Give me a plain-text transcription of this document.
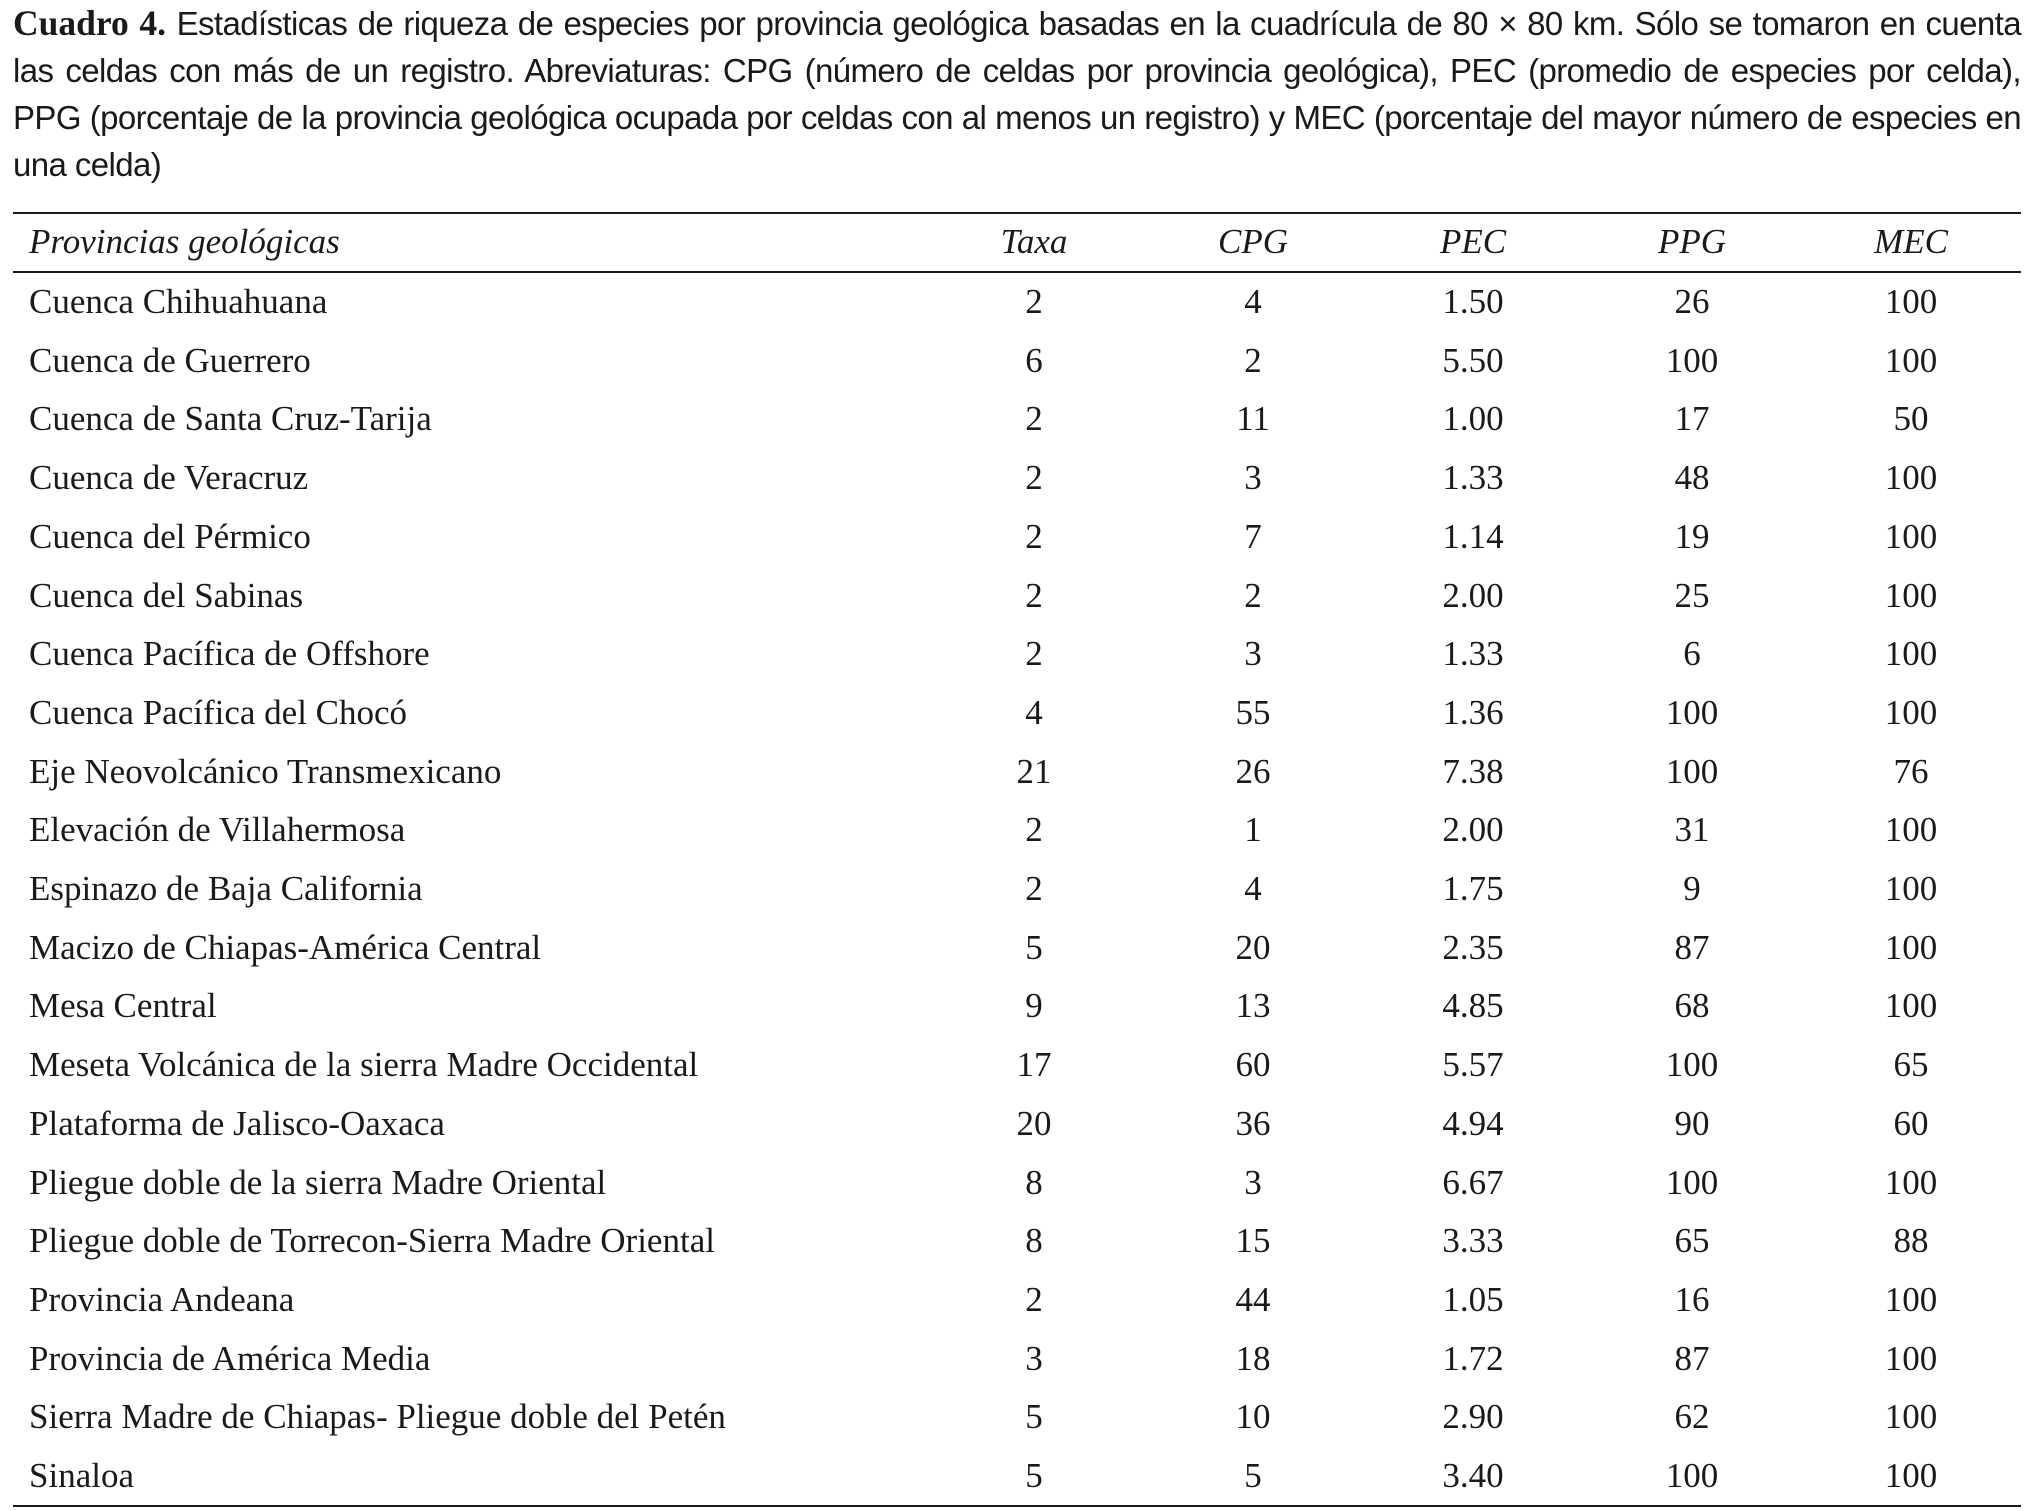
Cuadro 4. Estadísticas de riqueza de especies por provincia geológica basadas en la cuadrícula de 80 × 80 km. Sólo se tomaron en cuenta las celdas con más de un registro. Abreviaturas: CPG (número de celdas por provincia geológica), PEC (promedio de especies por celda), PPG (porcentaje de la provincia geológica ocupada por celdas con al menos un registro) y MEC (porcentaje del mayor número de especies en una celda)

Provincias geológicas	Taxa	CPG	PEC	PPG	MEC
Cuenca Chihuahuana	2	4	1.50	26	100
Cuenca de Guerrero	6	2	5.50	100	100
Cuenca de Santa Cruz-Tarija	2	11	1.00	17	50
Cuenca de Veracruz	2	3	1.33	48	100
Cuenca del Pérmico	2	7	1.14	19	100
Cuenca del Sabinas	2	2	2.00	25	100
Cuenca Pacífica de Offshore	2	3	1.33	6	100
Cuenca Pacífica del Chocó	4	55	1.36	100	100
Eje Neovolcánico Transmexicano	21	26	7.38	100	76
Elevación de Villahermosa	2	1	2.00	31	100
Espinazo de Baja California	2	4	1.75	9	100
Macizo de Chiapas-América Central	5	20	2.35	87	100
Mesa Central	9	13	4.85	68	100
Meseta Volcánica de la sierra Madre Occidental	17	60	5.57	100	65
Plataforma de Jalisco-Oaxaca	20	36	4.94	90	60
Pliegue doble de la sierra Madre Oriental	8	3	6.67	100	100
Pliegue doble de Torrecon-Sierra Madre Oriental	8	15	3.33	65	88
Provincia Andeana	2	44	1.05	16	100
Provincia de América Media	3	18	1.72	87	100
Sierra Madre de Chiapas- Pliegue doble del Petén	5	10	2.90	62	100
Sinaloa	5	5	3.40	100	100
